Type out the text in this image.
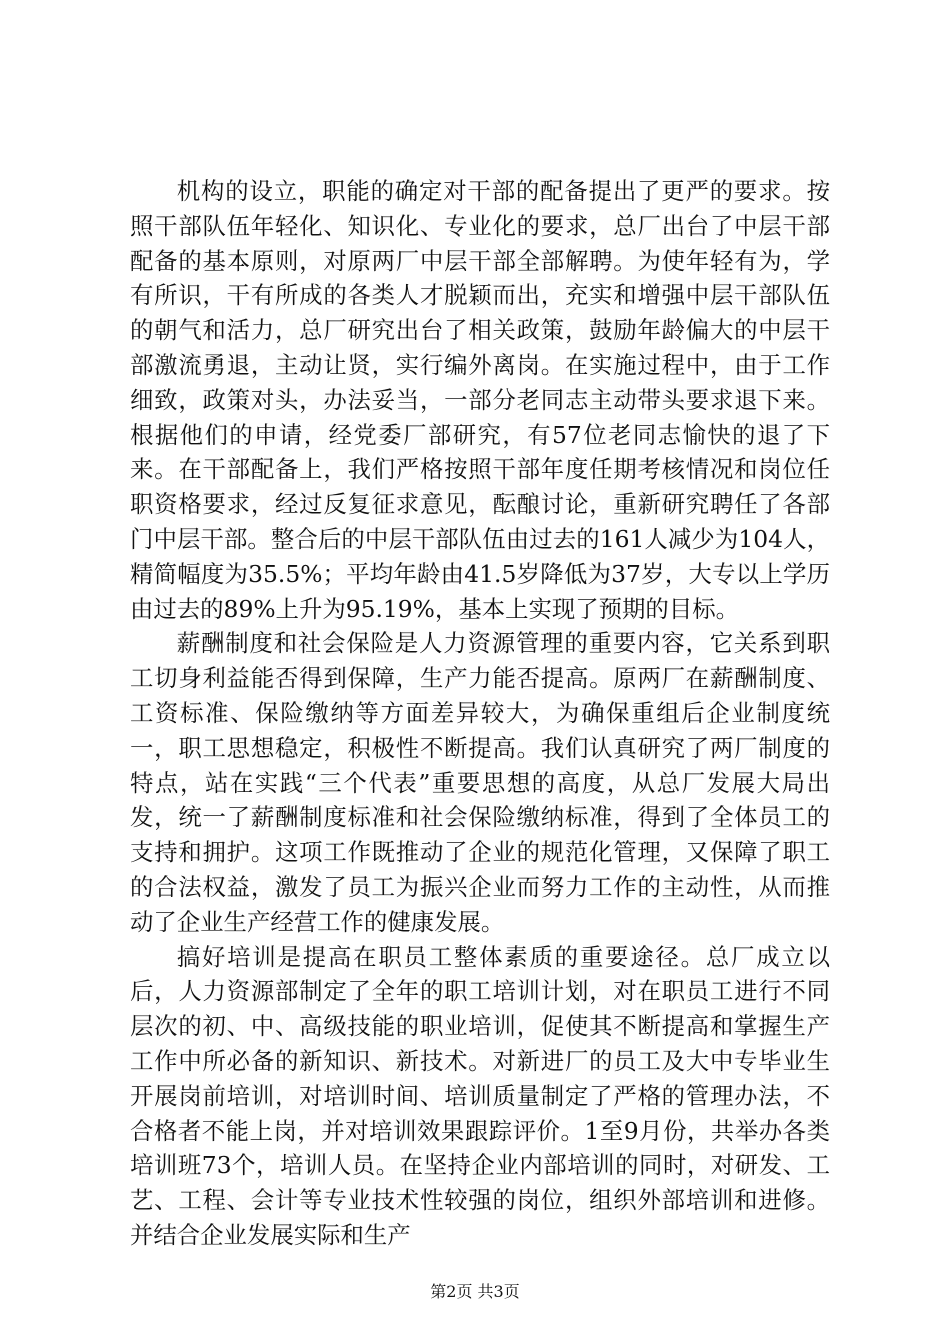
机构的设立，职能的确定对干部的配备提出了更严的要求。按照干部队伍年轻化、知识化、专业化的要求，总厂出台了中层干部配备的基本原则，对原两厂中层干部全部解聘。为使年轻有为，学有所识，干有所成的各类人才脱颖而出，充实和增强中层干部队伍的朝气和活力，总厂研究出台了相关政策，鼓励年龄偏大的中层干部激流勇退，主动让贤，实行编外离岗。在实施过程中，由于工作细致，政策对头，办法妥当，一部分老同志主动带头要求退下来。根据他们的申请，经党委厂部研究，有57位老同志愉快的退了下来。在干部配备上，我们严格按照干部年度任期考核情况和岗位任职资格要求，经过反复征求意见，酝酿讨论，重新研究聘任了各部门中层干部。整合后的中层干部队伍由过去的161人减少为104人，精简幅度为35.5%；平均年龄由41.5岁降低为37岁，大专以上学历由过去的89%上升为95.19%，基本上实现了预期的目标。

薪酬制度和社会保险是人力资源管理的重要内容，它关系到职工切身利益能否得到保障，生产力能否提高。原两厂在薪酬制度、工资标准、保险缴纳等方面差异较大，为确保重组后企业制度统一，职工思想稳定，积极性不断提高。我们认真研究了两厂制度的特点，站在实践“三个代表”重要思想的高度，从总厂发展大局出发，统一了薪酬制度标准和社会保险缴纳标准，得到了全体员工的支持和拥护。这项工作既推动了企业的规范化管理，又保障了职工的合法权益，激发了员工为振兴企业而努力工作的主动性，从而推动了企业生产经营工作的健康发展。

搞好培训是提高在职员工整体素质的重要途径。总厂成立以后，人力资源部制定了全年的职工培训计划，对在职员工进行不同层次的初、中、高级技能的职业培训，促使其不断提高和掌握生产工作中所必备的新知识、新技术。对新进厂的员工及大中专毕业生开展岗前培训，对培训时间、培训质量制定了严格的管理办法，不合格者不能上岗，并对培训效果跟踪评价。1至9月份，共举办各类培训班73个，培训人员。在坚持企业内部培训的同时，对研发、工艺、工程、会计等专业技术性较强的岗位，组织外部培训和进修。并结合企业发展实际和生产

第2页 共3页
